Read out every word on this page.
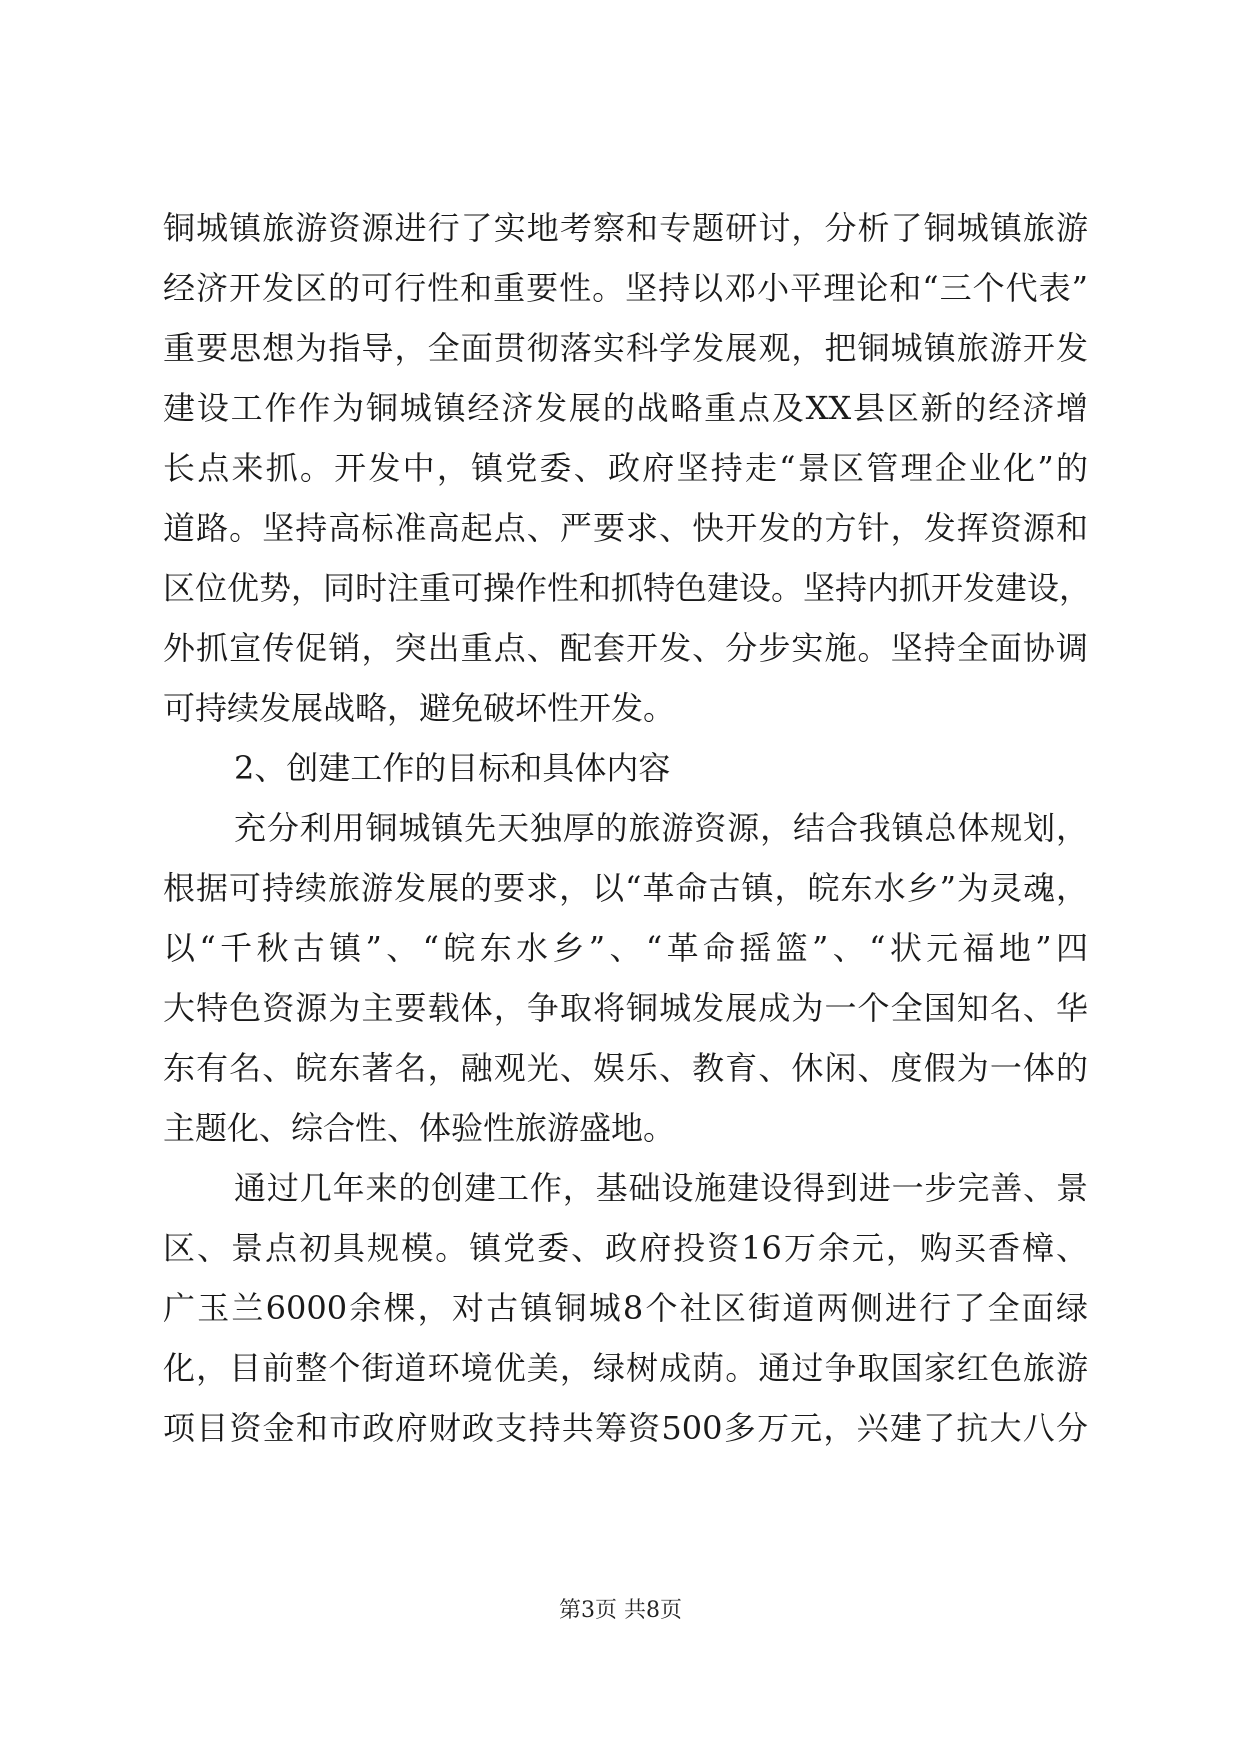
铜城镇旅游资源进行了实地考察和专题研讨，分析了铜城镇旅游
经济开发区的可行性和重要性。坚持以邓小平理论和“三个代表”
重要思想为指导，全面贯彻落实科学发展观，把铜城镇旅游开发
建设工作作为铜城镇经济发展的战略重点及XX县区新的经济增
长点来抓。开发中，镇党委、政府坚持走“景区管理企业化”的
道路。坚持高标准高起点、严要求、快开发的方针，发挥资源和
区位优势，同时注重可操作性和抓特色建设。坚持内抓开发建设，
外抓宣传促销，突出重点、配套开发、分步实施。坚持全面协调
可持续发展战略，避免破坏性开发。
2、创建工作的目标和具体内容
充分利用铜城镇先天独厚的旅游资源，结合我镇总体规划，
根据可持续旅游发展的要求，以“革命古镇，皖东水乡”为灵魂，
以“千秋古镇”、“皖东水乡”、“革命摇篮”、“状元福地”四
大特色资源为主要载体，争取将铜城发展成为一个全国知名、华
东有名、皖东著名，融观光、娱乐、教育、休闲、度假为一体的
主题化、综合性、体验性旅游盛地。
通过几年来的创建工作，基础设施建设得到进一步完善、景
区、景点初具规模。镇党委、政府投资16万余元，购买香樟、
广玉兰6000余棵，对古镇铜城8个社区街道两侧进行了全面绿
化，目前整个街道环境优美，绿树成荫。通过争取国家红色旅游
项目资金和市政府财政支持共筹资500多万元，兴建了抗大八分
第3页 共8页
